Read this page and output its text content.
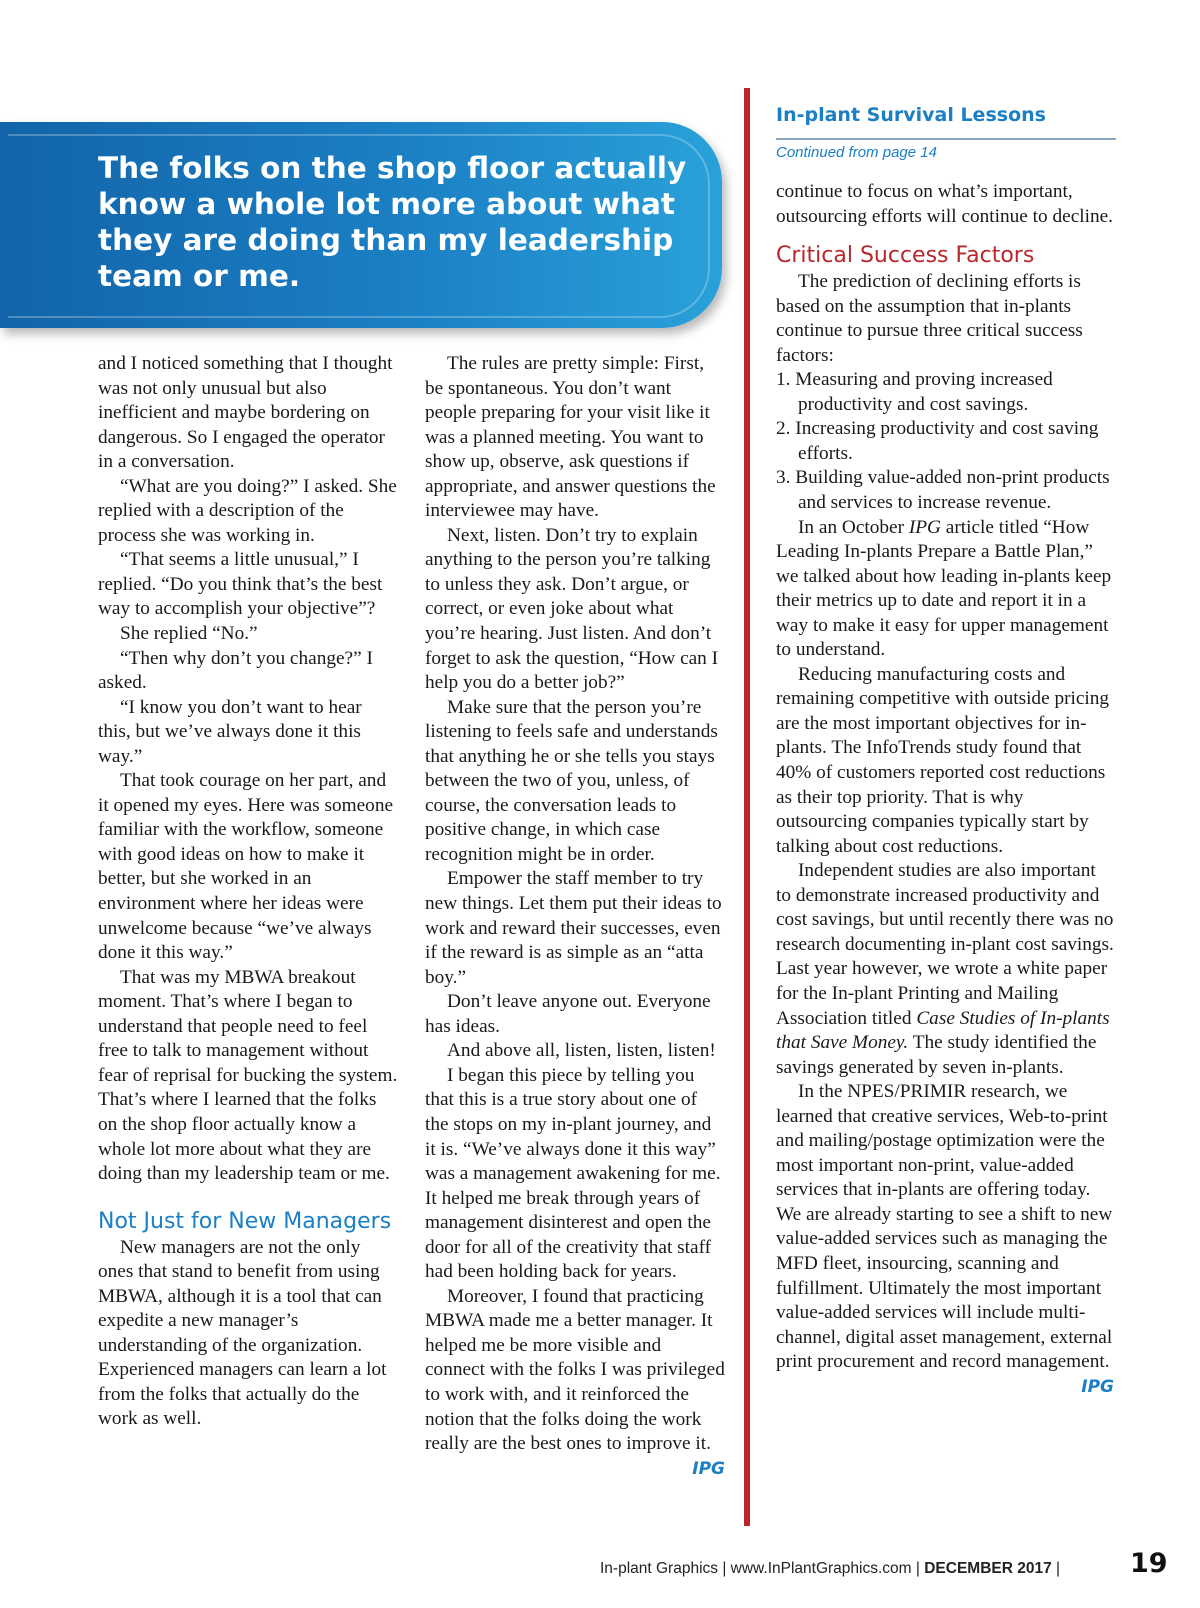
The folks on the shop floor actually know a whole lot more about what they are doing than my leadership team or me.
In-plant Survival Lessons
Continued from page 14

and I noticed something that I thought was not only unusual but also inefficient and maybe bordering on dangerous. So I engaged the operator in a conversation.

“What are you doing?” I asked. She replied with a description of the process she was working in.

“That seems a little unusual,” I replied. “Do you think that’s the best way to accomplish your objective”?

She replied “No.”

“Then why don’t you change?” I asked.

“I know you don’t want to hear this, but we’ve always done it this way.”

That took courage on her part, and it opened my eyes. Here was someone familiar with the workflow, someone with good ideas on how to make it better, but she worked in an environment where her ideas were unwelcome because “we’ve always done it this way.”

That was my MBWA breakout moment. That’s where I began to understand that people need to feel free to talk to management without fear of reprisal for bucking the system. That’s where I learned that the folks on the shop floor actually know a whole lot more about what they are doing than my leadership team or me.

Not Just for New Managers

New managers are not the only ones that stand to benefit from using MBWA, although it is a tool that can expedite a new manager’s understanding of the organization. Experienced managers can learn a lot from the folks that actually do the work as well.

The rules are pretty simple: First, be spontaneous. You don’t want people preparing for your visit like it was a planned meeting. You want to show up, observe, ask questions if appropriate, and answer questions the interviewee may have.

Next, listen. Don’t try to explain anything to the person you’re talking to unless they ask. Don’t argue, or correct, or even joke about what you’re hearing. Just listen. And don’t forget to ask the question, “How can I help you do a better job?”

Make sure that the person you’re listening to feels safe and understands that anything he or she tells you stays between the two of you, unless, of course, the conversation leads to positive change, in which case recognition might be in order.

Empower the staff member to try new things. Let them put their ideas to work and reward their successes, even if the reward is as simple as an “atta boy.”

Don’t leave anyone out. Everyone has ideas.

And above all, listen, listen, listen!

I began this piece by telling you that this is a true story about one of the stops on my in-plant journey, and it is. “We’ve always done it this way” was a management awakening for me. It helped me break through years of management disinterest and open the door for all of the creativity that staff had been holding back for years.

Moreover, I found that practicing MBWA made me a better manager. It helped me be more visible and connect with the folks I was privileged to work with, and it reinforced the notion that the folks doing the work really are the best ones to improve it.
IPG

continue to focus on what’s important, outsourcing efforts will continue to decline.

Critical Success Factors

The prediction of declining efforts is based on the assumption that in-plants continue to pursue three critical success factors:

1. Measuring and proving increased productivity and cost savings.

2. Increasing productivity and cost saving efforts.

3. Building value-added non-print products and services to increase revenue.

In an October IPG article titled “How Leading In-plants Prepare a Battle Plan,” we talked about how leading in-plants keep their metrics up to date and report it in a way to make it easy for upper management to understand.

Reducing manufacturing costs and remaining competitive with outside pricing are the most important objectives for in-plants. The InfoTrends study found that 40% of customers reported cost reductions as their top priority. That is why outsourcing companies typically start by talking about cost reductions.

Independent studies are also important to demonstrate increased productivity and cost savings, but until recently there was no research documenting in-plant cost savings. Last year however, we wrote a white paper for the In-plant Printing and Mailing Association titled Case Studies of In-plants that Save Money. The study identified the savings generated by seven in-plants.

In the NPES/PRIMIR research, we learned that creative services, Web-to-print and mailing/postage optimization were the most important non-print, value-added services that in-plants are offering today. We are already starting to see a shift to new value-added services such as managing the MFD fleet, insourcing, scanning and fulfillment. Ultimately the most important value-added services will include multi-channel, digital asset management, external print procurement and record management.
IPG

In-plant Graphics | www.InPlantGraphics.com | DECEMBER 2017 |	19
